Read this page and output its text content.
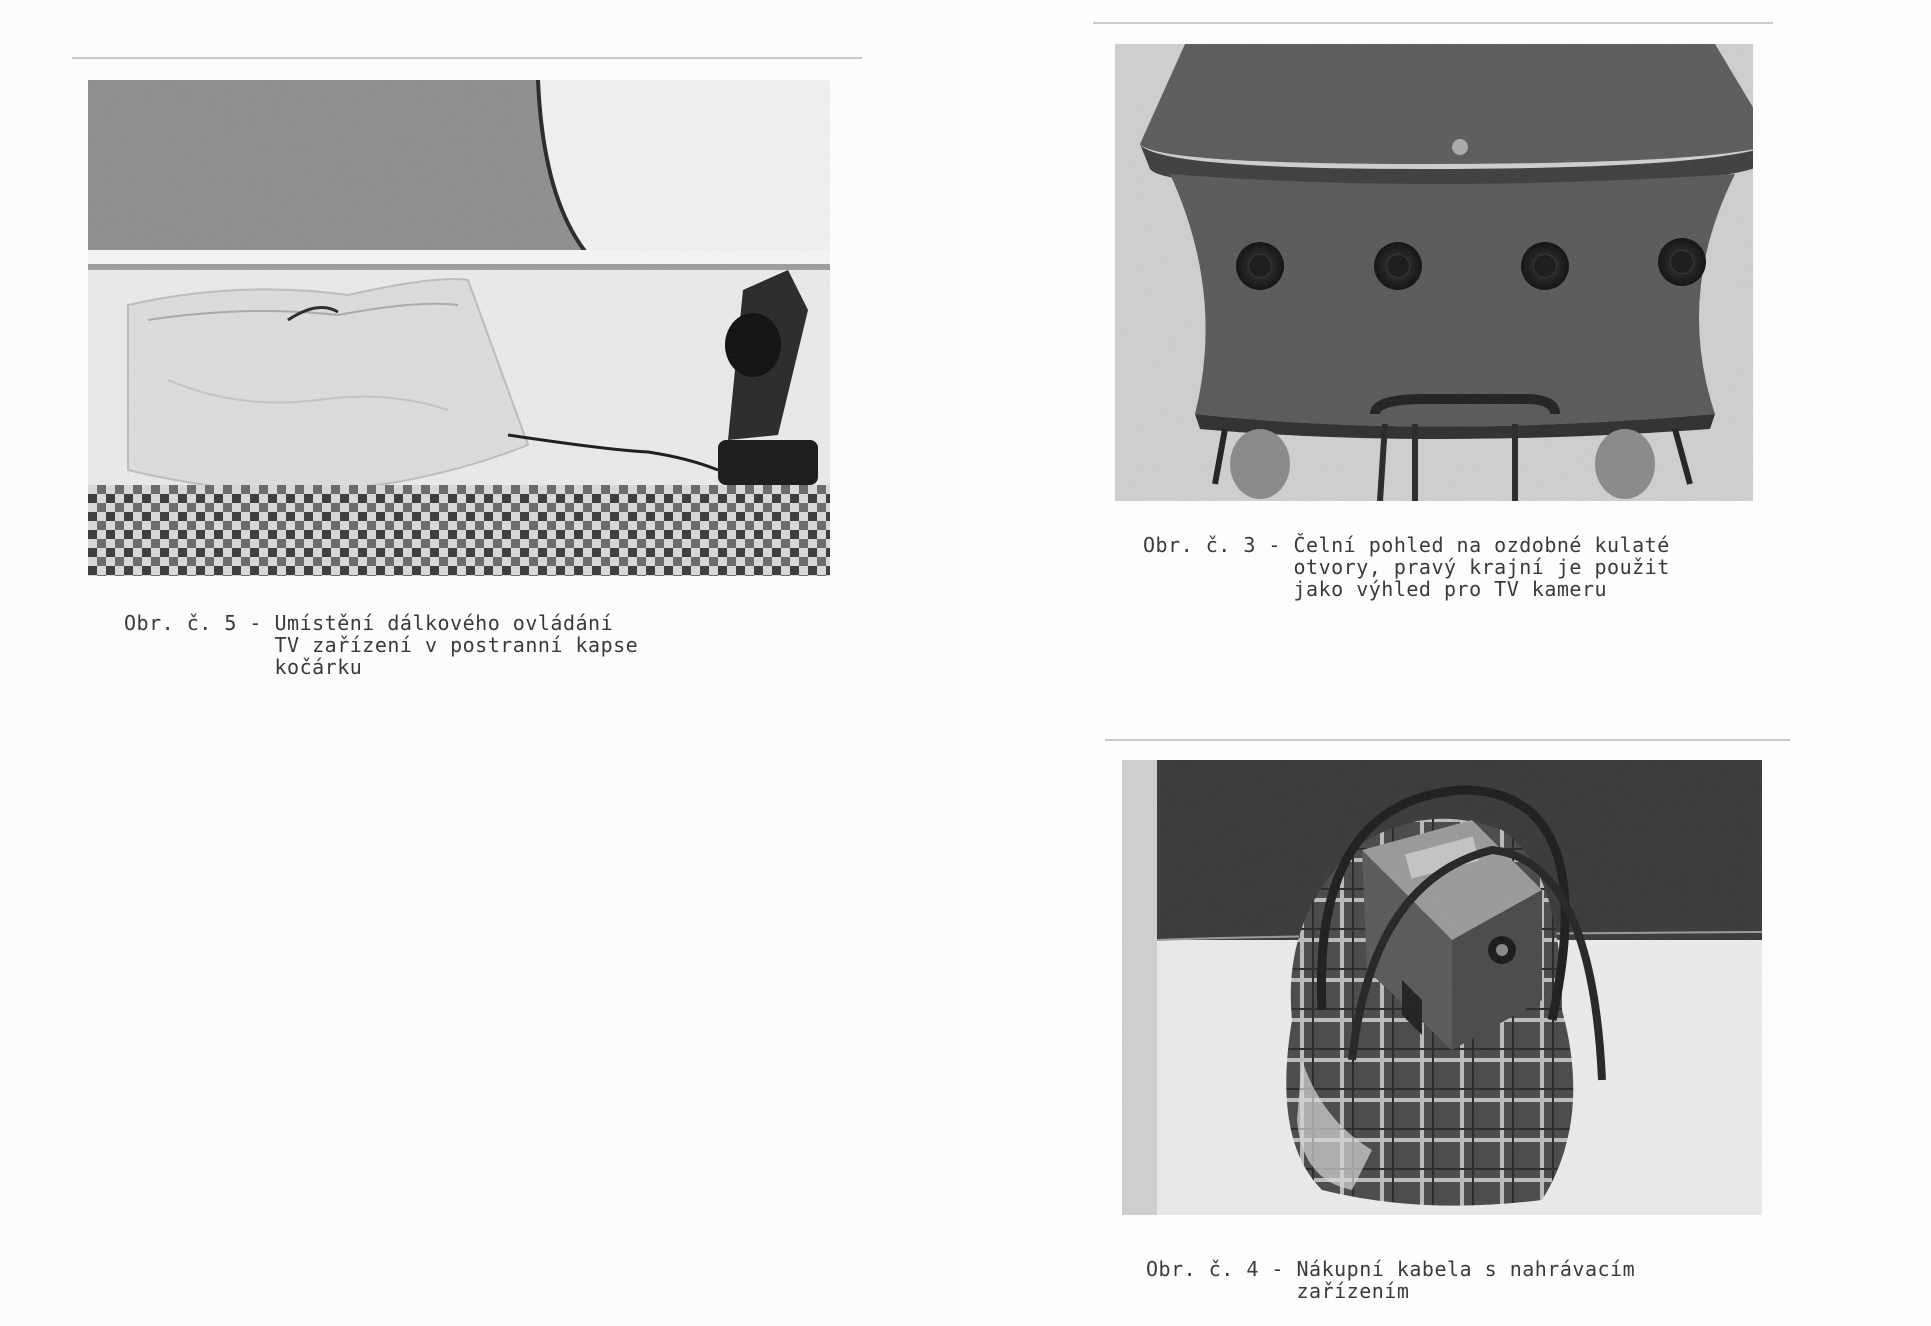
Obr. č. 5 - Umístění dálkového ovládání
TV zařízení v postranní kapse
kočárku

Obr. č. 3 - Čelní pohled na ozdobné kulaté
otvory, pravý krajní je použit
jako výhled pro TV kameru

Obr. č. 4 - Nákupní kabela s nahrávacím
zařízením
